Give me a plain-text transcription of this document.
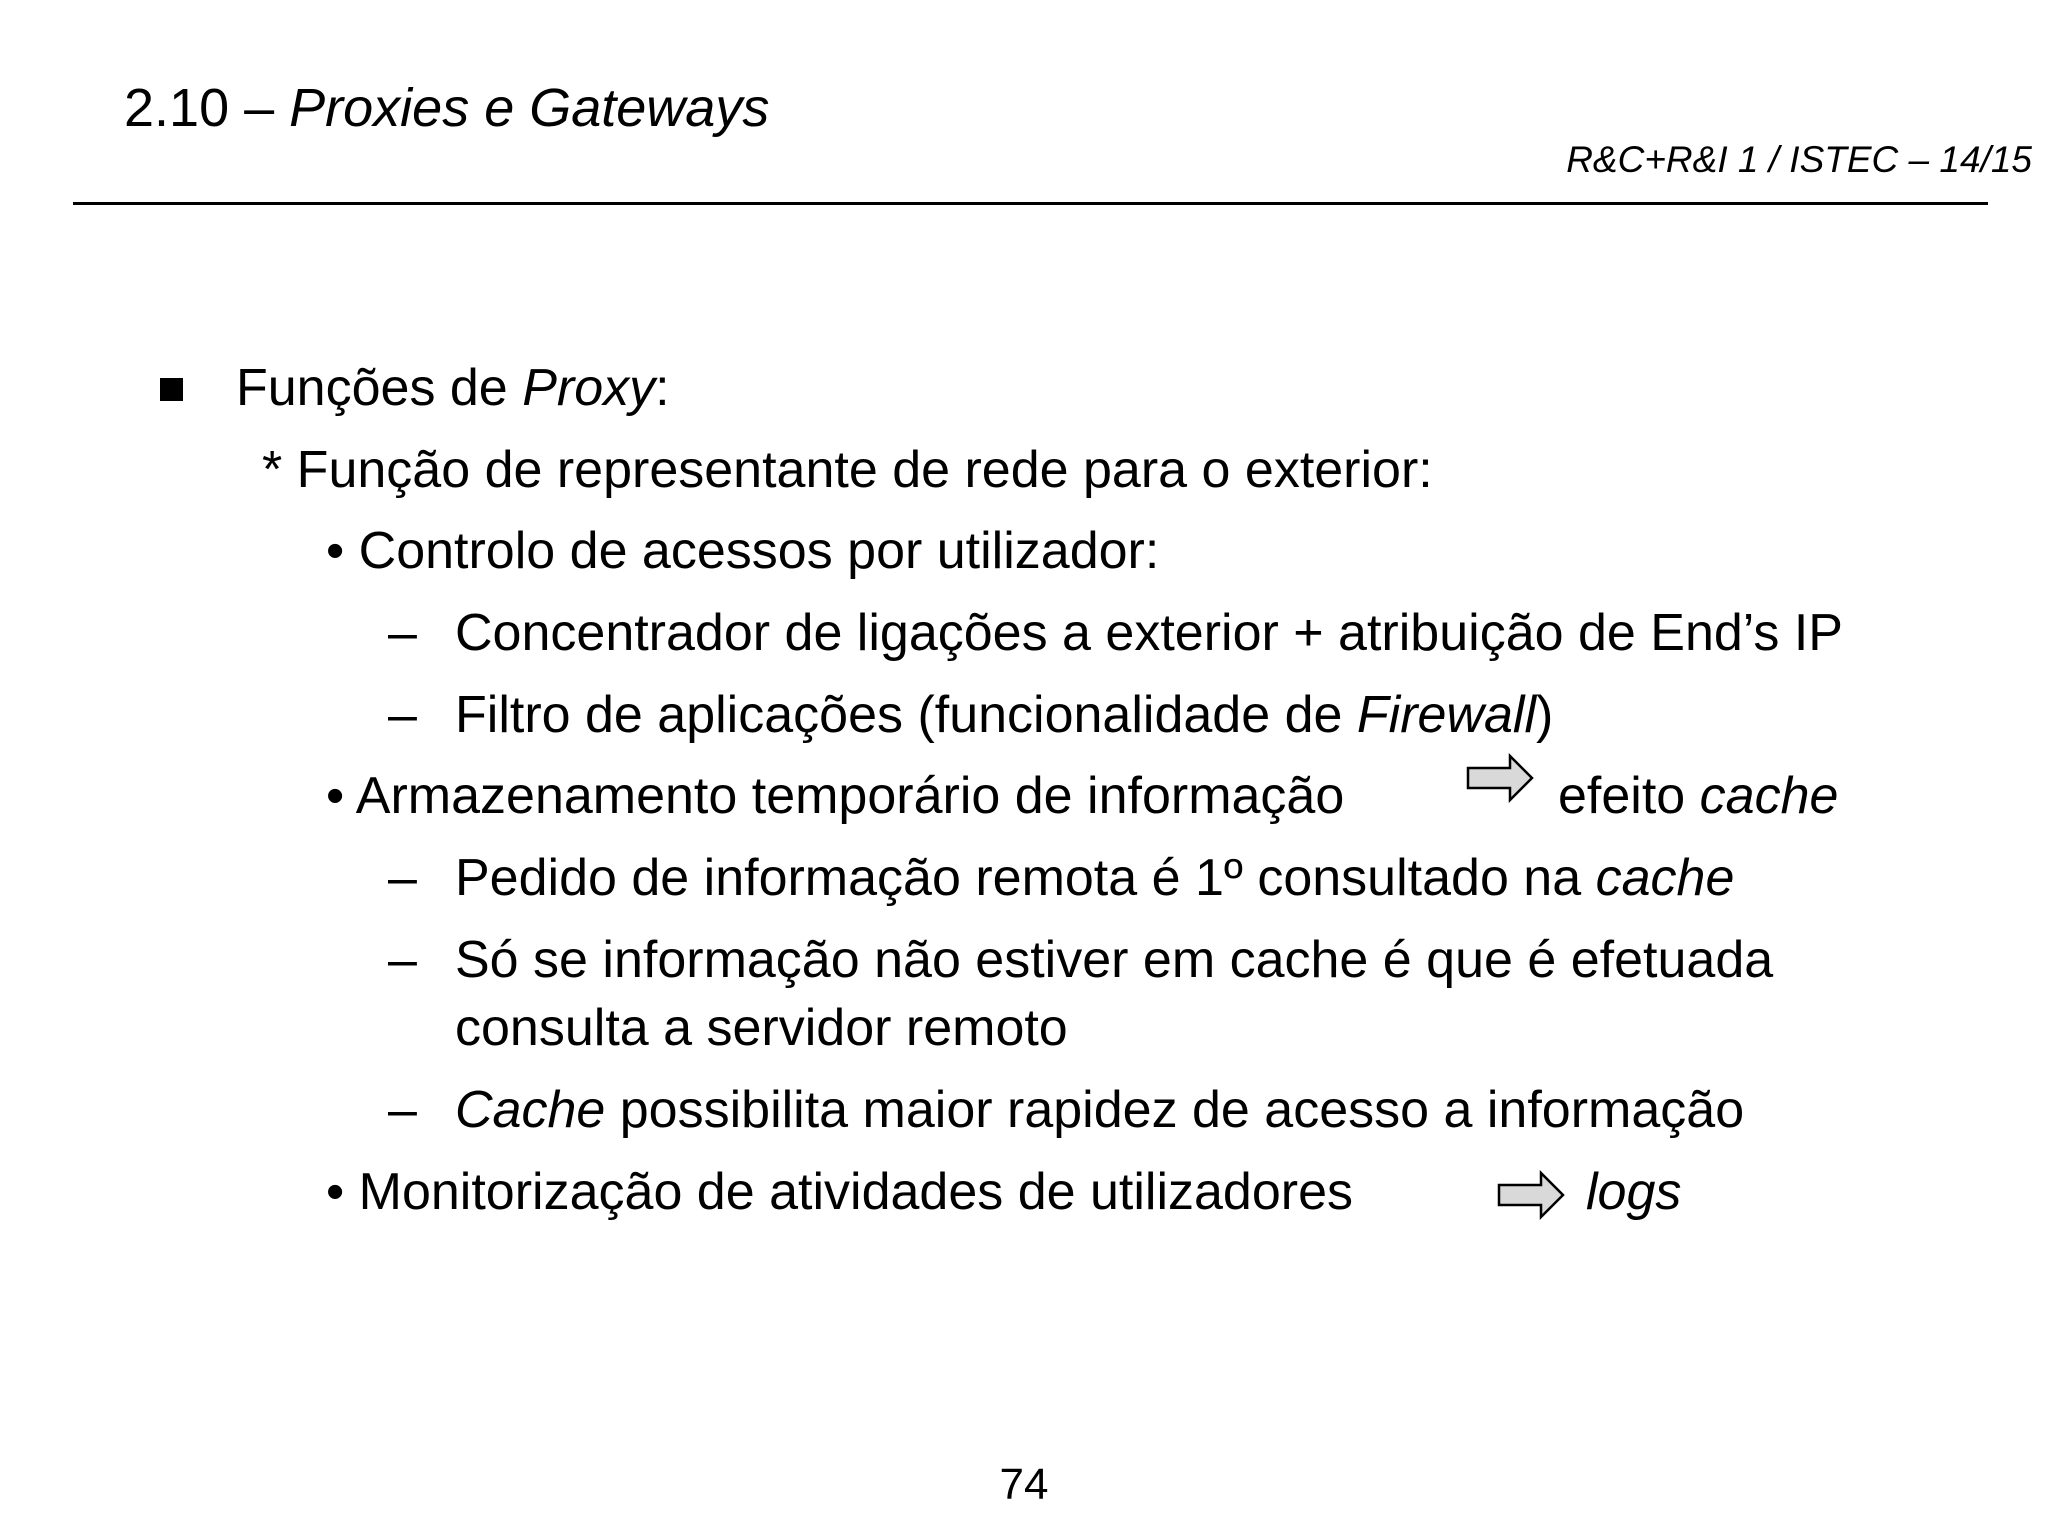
2.10 – Proxies e Gateways
R&C+R&I 1 / ISTEC – 14/15
Funções de Proxy:
* Função de representante de rede para o exterior:
• Controlo de acessos por utilizador:
– Concentrador de ligações a exterior + atribuição de End’s IP
– Filtro de aplicações (funcionalidade de Firewall)
• Armazenamento temporário de informação	efeito cache
– Pedido de informação remota é 1º consultado na cache
– Só se informação não estiver em cache é que é efetuada
consulta a servidor remoto
– Cache possibilita maior rapidez de acesso a informação
• Monitorização de atividades de utilizadores	logs
74
